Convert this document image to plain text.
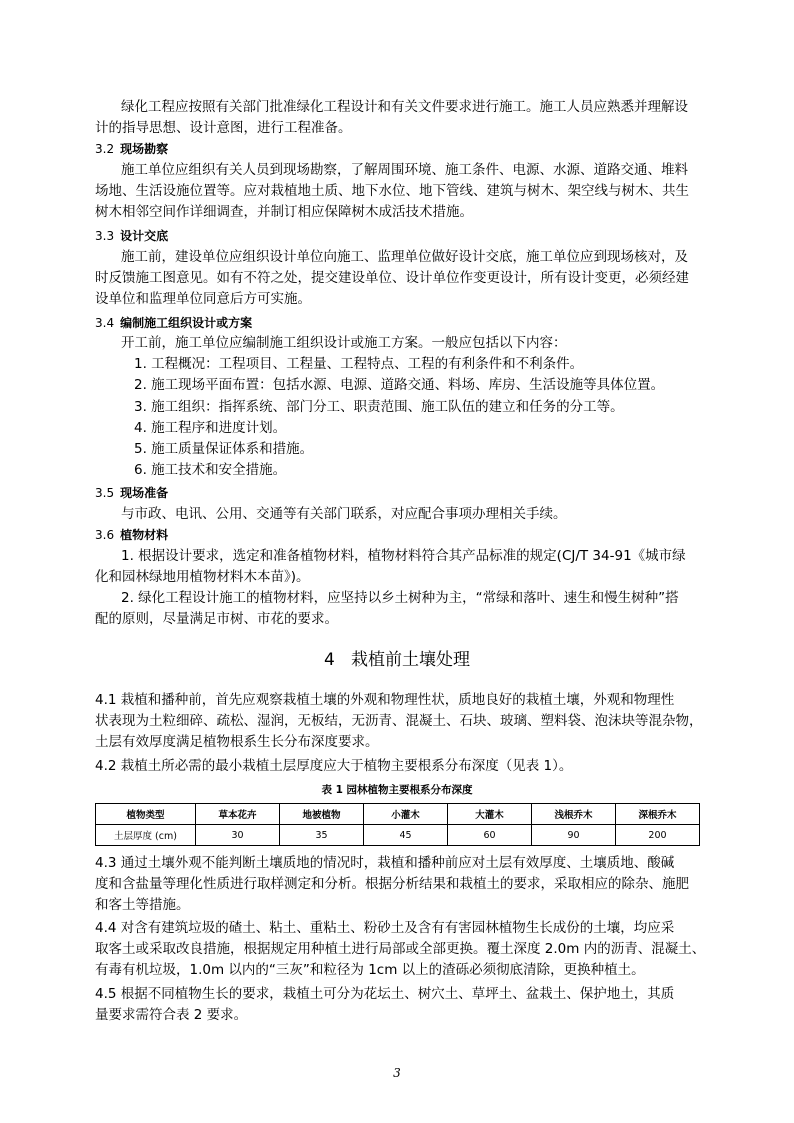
绿化工程应按照有关部门批准绿化工程设计和有关文件要求进行施工。施工人员应熟悉并理解设
计的指导思想、设计意图，进行工程准备。
3.2 现场勘察
施工单位应组织有关人员到现场勘察，了解周围环境、施工条件、电源、水源、道路交通、堆料
场地、生活设施位置等。应对栽植地土质、地下水位、地下管线、建筑与树木、架空线与树木、共生
树木相邻空间作详细调查，并制订相应保障树木成活技术措施。
3.3 设计交底
施工前，建设单位应组织设计单位向施工、监理单位做好设计交底，施工单位应到现场核对，及
时反馈施工图意见。如有不符之处，提交建设单位、设计单位作变更设计，所有设计变更，必须经建
设单位和监理单位同意后方可实施。
3.4 编制施工组织设计或方案
开工前，施工单位应编制施工组织设计或施工方案。一般应包括以下内容：
1. 工程概况：工程项目、工程量、工程特点、工程的有利条件和不利条件。
2. 施工现场平面布置：包括水源、电源、道路交通、料场、库房、生活设施等具体位置。
3. 施工组织：指挥系统、部门分工、职责范围、施工队伍的建立和任务的分工等。
4. 施工程序和进度计划。
5. 施工质量保证体系和措施。
6. 施工技术和安全措施。
3.5 现场准备
与市政、电讯、公用、交通等有关部门联系，对应配合事项办理相关手续。
3.6 植物材料
1. 根据设计要求，选定和准备植物材料，植物材料符合其产品标准的规定(CJ/T 34-91《城市绿
化和园林绿地用植物材料木本苗》)。
2. 绿化工程设计施工的植物材料，应坚持以乡土树种为主，“常绿和落叶、速生和慢生树种”搭
配的原则，尽量满足市树、市花的要求。
4 栽植前土壤处理
4.1 栽植和播种前，首先应观察栽植土壤的外观和物理性状，质地良好的栽植土壤，外观和物理性
状表现为土粒细碎、疏松、湿润，无板结，无沥青、混凝土、石块、玻璃、塑料袋、泡沫块等混杂物，
土层有效厚度满足植物根系生长分布深度要求。
4.2 栽植土所必需的最小栽植土层厚度应大于植物主要根系分布深度（见表 1）。
表 1 园林植物主要根系分布深度
植物类型	草本花卉	地被植物	小灌木	大灌木	浅根乔木	深根乔木
土层厚度 (cm)	30	35	45	60	90	200
4.3 通过土壤外观不能判断土壤质地的情况时，栽植和播种前应对土层有效厚度、土壤质地、酸碱
度和含盐量等理化性质进行取样测定和分析。根据分析结果和栽植土的要求，采取相应的除杂、施肥
和客土等措施。
4.4 对含有建筑垃圾的碴土、粘土、重粘土、粉砂土及含有有害园林植物生长成份的土壤，均应采
取客土或采取改良措施，根据规定用种植土进行局部或全部更换。覆土深度 2.0m 内的沥青、混凝土、
有毒有机垃圾，1.0m 以内的“三灰”和粒径为 1cm 以上的渣砾必须彻底清除，更换种植土。
4.5 根据不同植物生长的要求，栽植土可分为花坛土、树穴土、草坪土、盆栽土、保护地土，其质
量要求需符合表 2 要求。
3
